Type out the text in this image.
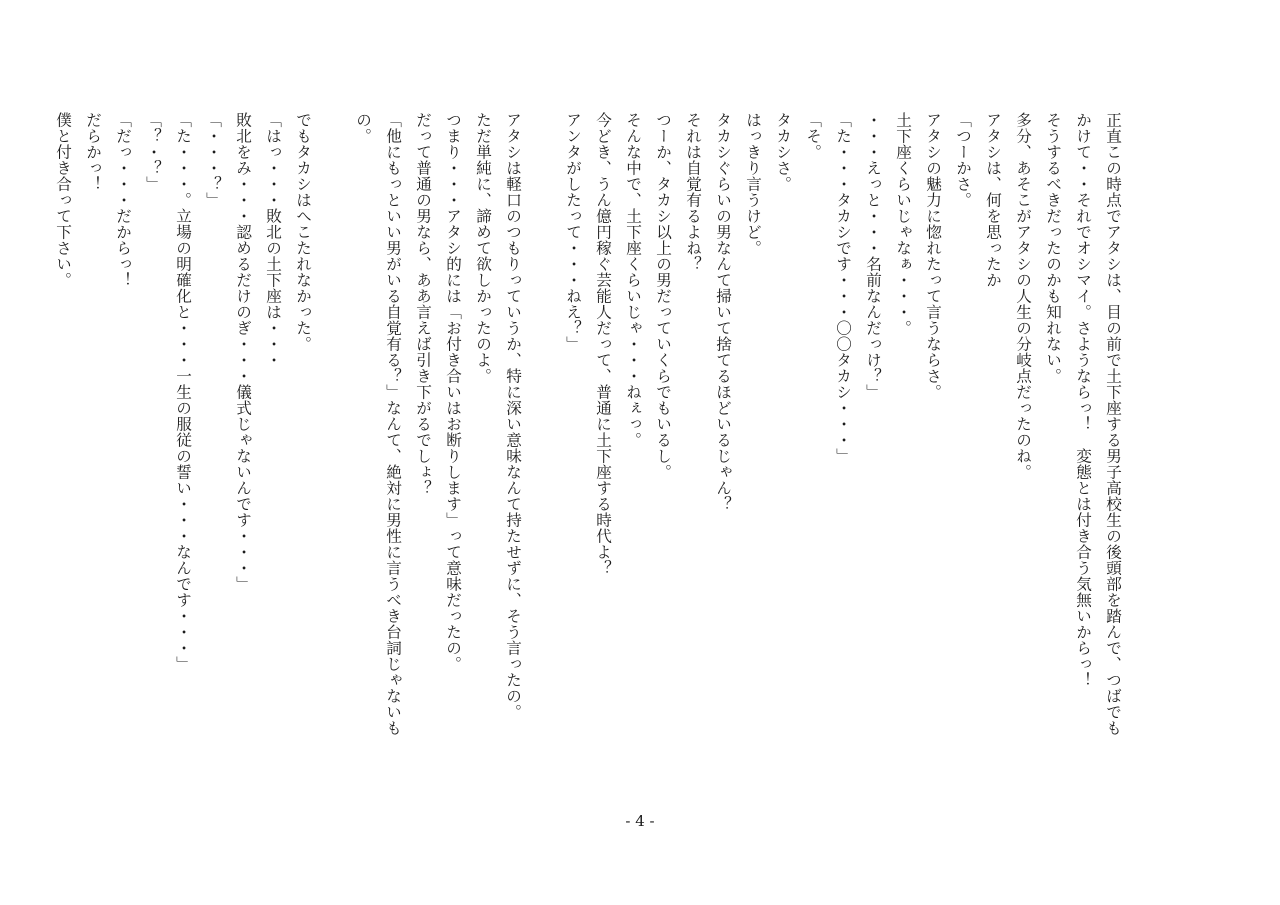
正直この時点でアタシは、目の前で土下座する男子高校生の後頭部を踏んで、つばでも
かけて・・それでオシマイ。さようならっ！　変態とは付き合う気無いからっ！
そうするべきだったのかも知れない。
多分、あそこがアタシの人生の分岐点だったのね。
アタシは、何を思ったか
「つーかさ。
アタシの魅力に惚れたって言うならさ。
土下座くらいじゃなぁ・・・。
・・・えっと・・・名前なんだっけ？」
「た・・・タカシです・・・〇〇タカシ・・・」
「そ。
タカシさ。
はっきり言うけど。
タカシぐらいの男なんて掃いて捨てるほどいるじゃん？
それは自覚有るよね？
つーか、タカシ以上の男だっていくらでもいるし。
そんな中で、土下座くらいじゃ・・・ねぇっ。
今どき、うん億円稼ぐ芸能人だって、普通に土下座する時代よ？
アンタがしたって・・・ねえ？」

アタシは軽口のつもりっていうか、特に深い意味なんて持たせずに、そう言ったの。
ただ単純に、諦めて欲しかったのよ。
つまり・・・アタシ的には「お付き合いはお断りします」って意味だったの。
だって普通の男なら、ああ言えば引き下がるでしょ？
「他にもっといい男がいる自覚有る？」なんて、絶対に男性に言うべき台詞じゃないも
の。

でもタカシはへこたれなかった。
「はっ・・・敗北の土下座は・・・
敗北をみ・・・認めるだけのぎ・・・儀式じゃないんです・・・」
「・・・？」
「た・・・。立場の明確化と・・・一生の服従の誓い・・・なんです・・・」
「？・？」
「だっ・・・だからっ！
だらかっ！
僕と付き合って下さい。
- 4 -
